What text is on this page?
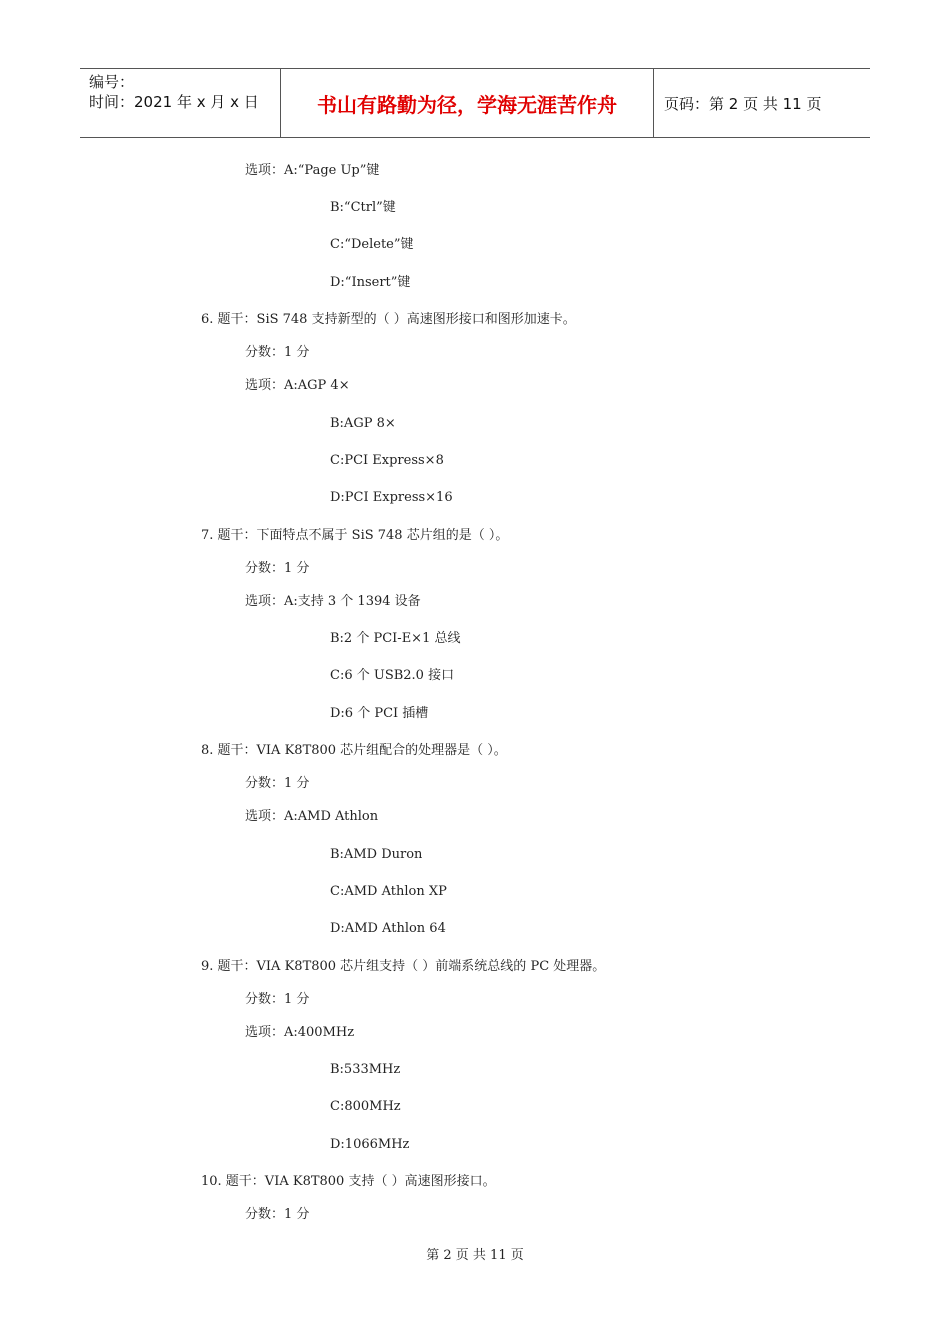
编号：
时间：2021 年 x 月 x 日	书山有路勤为径，学海无涯苦作舟	页码：第 2 页 共 11 页
选项：A:“Page Up”键
B:“Ctrl”键
C:“Delete”键
D:“Insert”键
6. 题干：SiS 748 支持新型的（ ）高速图形接口和图形加速卡。
分数：1 分
选项：A:AGP 4×
B:AGP 8×
C:PCI Express×8
D:PCI Express×16
7. 题干：下面特点不属于 SiS 748 芯片组的是（ ）。
分数：1 分
选项：A:支持 3 个 1394 设备
B:2 个 PCI-E×1 总线
C:6 个 USB2.0 接口
D:6 个 PCI 插槽
8. 题干：VIA K8T800 芯片组配合的处理器是（ ）。
分数：1 分
选项：A:AMD Athlon
B:AMD Duron
C:AMD Athlon XP
D:AMD Athlon 64
9. 题干：VIA K8T800 芯片组支持（ ）前端系统总线的 PC 处理器。
分数：1 分
选项：A:400MHz
B:533MHz
C:800MHz
D:1066MHz
10. 题干：VIA K8T800 支持（ ）高速图形接口。
分数：1 分
第 2 页 共 11 页
